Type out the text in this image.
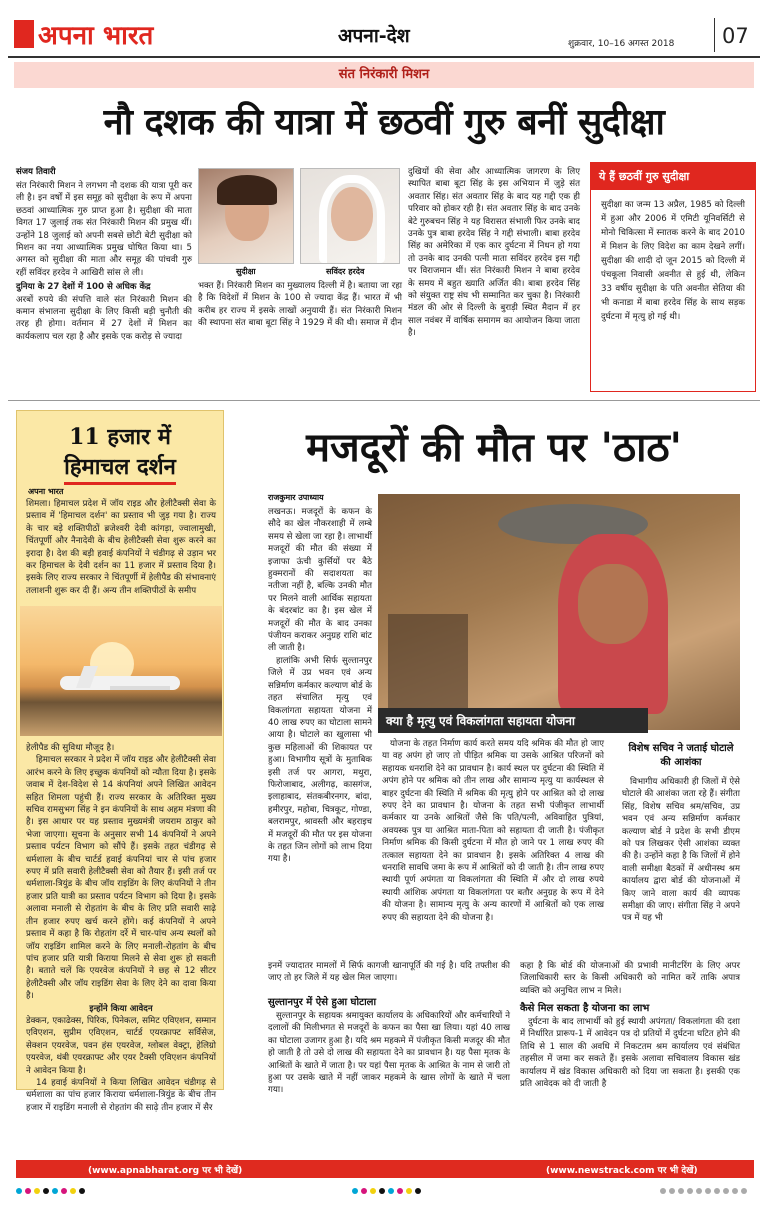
अपना भारत	अपना-देश	शुक्रवार, 10–16 अगस्त 2018 07
संत निरंकारी मिशन
नौ दशक की यात्रा में छठवीं गुरु बनीं सुदीक्षा
संजय तिवारी

संत निरंकारी मिशन ने लगभग नौ दशक की यात्रा पूरी कर ली है। इन वर्षों में इस समूह को सुदीक्षा के रूप में अपना छठवां आध्यात्मिक गुरु प्राप्त हुआ है। सुदीक्षा की माता विगत 17 जुलाई तक संत निरंकारी मिशन की प्रमुख थीं। उन्होंने 18 जुलाई को अपनी सबसे छोटी बेटी सुदीक्षा को मिशन का नया आध्यात्मिक प्रमुख घोषित किया था। 5 अगस्त को सुदीक्षा की माता और समूह की पांचवी गुरु रहीं सविंदर हरदेव ने आखिरी सांस ले ली।

दुनिया के 27 देशों में 100 से अधिक केंद्र

अरबों रुपये की संपत्ति वाले संत निरंकारी मिशन की कमान संभालना सुदीक्षा के लिए किसी बड़ी चुनौती की तरह ही होगा। वर्तमान में 27 देशों में मिशन का कार्यकलाप चल रहा है और इसके एक करोड़ से ज्यादा

सुदीक्षा	सविंदर हरदेव

भक्त हैं। निरंकारी मिशन का मुख्यालय दिल्ली में है। बताया जा रहा है कि विदेशों में मिशन के 100 से ज्यादा केंद्र हैं। भारत में भी करीब हर राज्य में इसके लाखों अनुयायी हैं। संत निरंकारी मिशन की स्थापना संत बाबा बूटा सिंह ने 1929 में की थी। समाज में दीन

दुखियों की सेवा और आध्यात्मिक जागरण के लिए स्थापित बाबा बूटा सिंह के इस अभियान में जुड़े संत अवतार सिंह। संत अवतार सिंह के बाद यह गद्दी एक ही परिवार को होकर रही है। संत अवतार सिंह के बाद उनके बेटे गुरुबचन सिंह ने यह विरासत संभाली फिर उनके बाद उनके पुत्र बाबा हरदेव सिंह ने गद्दी संभाली। बाबा हरदेव सिंह का अमेरिका में एक कार दुर्घटना में निधन हो गया तो उनके बाद उनकी पत्नी माता सविंदर हरदेव इस गद्दी पर विराजमान थीं। संत निरंकारी मिशन ने बाबा हरदेव के समय में बहुत ख्याति अर्जित की। बाबा हरदेव सिंह को संयुक्त राष्ट्र संघ भी सम्मानित कर चुका है। निरंकारी मंडल की ओर से दिल्ली के बुराड़ी स्थित मैदान में हर साल नवंबर में वार्षिक समागम का आयोजन किया जाता है।

ये हैं छठवीं गुरु सुदीक्षा

सुदीक्षा का जन्म 13 अप्रैल, 1985 को दिल्ली में हुआ और 2006 में एमिटी यूनिवर्सिटी से मोनो चिकित्सा में स्नातक करने के बाद 2010 में मिशन के लिए विदेश का काम देखने लगीं। सुदीक्षा की शादी दो जून 2015 को दिल्ली में पंचकूला निवासी अवनीत से हुई थी, लेकिन 33 वर्षीय सुदीक्षा के पति अवनीत सेतिया की भी कनाडा में बाबा हरदेव सिंह के साथ सड़क दुर्घटना में मृत्यु हो गई थी।

11 हजार में
हिमाचल दर्शन
अपना भारत

शिमला। हिमाचल प्रदेश में जॉय राइड और हेलीटैक्सी सेवा के प्रस्ताव में 'हिमाचल दर्शन' का प्रस्ताव भी जुड़ गया है। राज्य के चार बड़े शक्तिपीठों ब्रजेश्वरी देवी कांगड़ा, ज्वालामुखी, चिंतपूर्णी और नैनादेवी के बीच हेलीटैक्सी सेवा शुरू करने का इरादा है। देश की बड़ी हवाई कंपनियों ने चंडीगढ़ से उड़ान भर कर हिमाचल के देवी दर्शन का 11 हजार में प्रस्ताव दिया है। इसके लिए राज्य सरकार ने चिंतपूर्णी में हेलीपैड की संभावनाएं तलाशनी शुरू कर दी हैं। अन्य तीन शक्तिपीठों के समीप

हेलीपैड की सुविधा मौजूद है।

हिमाचल सरकार ने प्रदेश में जॉय राइड और हेलीटैक्सी सेवा आरंभ करने के लिए इच्छुक कंपनियों को न्यौता दिया है। इसके जवाब में देश-विदेश से 14 कंपनियां अपने लिखित आवेदन सहित शिमला पहुंची हैं। राज्य सरकार के अतिरिक्त मुख्य सचिव रामसुभग सिंह ने इन कंपनियों के साथ अहम मंत्रणा की है। इस आधार पर यह प्रस्ताव मुख्यमंत्री जयराम ठाकुर को भेजा जाएगा। सूचना के अनुसार सभी 14 कंपनियों ने अपने प्रस्ताव पर्यटन विभाग को सौंपे हैं। इसके तहत चंडीगढ़ से धर्मशाला के बीच चार्टर्ड हवाई कंपनियां चार से पांच हजार रुपए में प्रति सवारी हेलीटैक्सी सेवा को तैयार हैं। इसी तर्ज पर धर्मशाला-त्रियुंड के बीच जॉय राइडिंग के लिए कंपनियों ने तीन हजार प्रति यात्री का प्रस्ताव पर्यटन विभाग को दिया है। इसके अलावा मनाली से रोहतांग के बीच के लिए प्रति सवारी साढ़े तीन हजार रुपए खर्च करने होंगे। कई कंपनियों ने अपने प्रस्ताव में कहा है कि रोहतांग दर्रे में चार-पांच अन्य स्थलों को जॉय राइडिंग शामिल करने के लिए मनाली-रोहतांग के बीच पांच हजार प्रति यात्री किराया मिलने से सेवा शुरू हो सकती है। बताते चलें कि एयरवेज कंपनियों ने छह से 12 सीटर हेलीटैक्सी और जॉय राइडिंग सेवा के लिए देने का दावा किया है।

इन्होंने किया आवेदन

डेक्कन, एकाढेक्स, पिरिक, पिनेकल, समिट एविएशन, सम्मान एविएशन, सुप्रीम एविएशन, चार्टर्ड एयरक्राफ्ट सर्विसेज, सेक्शन एयरवेज, पवन हंस एयरवेज, ग्लोबल वेक्ट्रा, हेलिग्रो एयरवेज, थंबी एयरक्राफ्ट और एयर टैक्सी एविएशन कंपनियों ने आवेदन किया है।

14 हवाई कंपनियों ने किया लिखित आवेदन चंडीगढ़ से धर्मशाला का पांच हजार किराया धर्मशाला-त्रियुंड के बीच तीन हजार में राइडिंग मनाली से रोहतांग की साढ़े तीन हजार में सैर

मजदूरों की मौत पर 'ठाठ'
राजकुमार उपाध्याय

लखनऊ। मजदूरों के कफन के सौदे का खेल नौकरशाही में लम्बे समय से खेला जा रहा है। लाभार्थी मजदूरों की मौत की संख्या में इजाफा ऊंची कुर्सियों पर बैठे हुक्मरानों की सदाशयता का नतीजा नहीं है, बल्कि उनकी मौत पर मिलने वाली आर्थिक सहायता के बंदरबांट का है। इस खेल में मजदूरों की मौत के बाद उनका पंजीयन कराकर अनुग्रह राशि बांट ली जाती है।

हालांकि अभी सिर्फ सुल्तानपुर जिले में उप्र भवन एवं अन्य सन्निर्माण कर्मकार कल्याण बोर्ड के तहत संचालित मृत्यु एवं विकलांगता सहायता योजना में 40 लाख रुपए का घोटाला सामने आया है। घोटाले का खुलासा भी कुछ महिलाओं की शिकायत पर हुआ। विभागीय सूत्रों के मुताबिक इसी तर्ज पर आगरा, मथुरा, फिरोजाबाद, अलीगढ़, कासगंज, इलाहाबाद, संतकबीरनगर, बांदा, हमीरपुर, महोबा, चित्रकूट, गोण्डा, बलरामपुर, श्रावस्ती और बहराइच में मजदूरों की मौत पर इस योजना के तहत जिन लोगों को लाभ दिया गया है।

क्या है मृत्यु एवं विकलांगता सहायता योजना

योजना के तहत निर्माण कार्य करते समय यदि श्रमिक की मौत हो जाए या वह अपंग हो जाए तो पीड़ित श्रमिक या उसके आश्रित परिजनों को सहायक धनराशि देने का प्रावधान है। कार्य स्थल पर दुर्घटना की स्थिति में अपंग होने पर श्रमिक को तीन लाख और सामान्य मृत्यु या कार्यस्थल से बाहर दुर्घटना की स्थिति में श्रमिक की मृत्यु होने पर आश्रित को दो लाख रुपए देने का प्रावधान है। योजना के तहत सभी पंजीकृत लाभार्थी कर्मकार या उनके आश्रितों जैसे कि पति/पत्नी, अविवाहित पुत्रियां, अवयस्क पुत्र या आश्रित माता-पिता को सहायता दी जाती है। पंजीकृत निर्माण श्रमिक की किसी दुर्घटना में मौत हो जाने पर 1 लाख रुपए की तत्काल सहायता देने का प्रावधान है। इसके अतिरिक्त 4 लाख की धनराशि सावधि जमा के रूप में आश्रितों को दी जाती है। तीन लाख रुपए स्थायी पूर्ण अपंगता या विकलांगता की स्थिति में और दो लाख रुपये स्थायी आंशिक अपंगता या विकलांगता पर बतौर अनुग्रह के रूप में देने की योजना है। सामान्य मृत्यु के अन्य कारणों में आश्रितों को एक लाख रुपए की सहायता देने की योजना है।

विशेष सचिव ने जताई घोटाले की आशंका

विभागीय अधिकारी ही जिलों में ऐसे घोटाले की आशंका जता रहे हैं। संगीता सिंह, विशेष सचिव श्रम/सचिव, उप्र भवन एवं अन्य सन्निर्माण कर्मकार कल्याण बोर्ड ने प्रदेश के सभी डीएम को पत्र लिखकर ऐसी आशंका व्यक्त की है। उन्होंने कहा है कि जिलों में होने वाली समीक्षा बैठकों में अधीनस्थ श्रम कार्यालय द्वारा बोर्ड की योजनाओं में किए जाने वाला कार्य की व्यापक समीक्षा की जाए। संगीता सिंह ने अपने पत्र में यह भी

इनमें ज्यादातर मामलों में सिर्फ कागजी खानापूर्ति की गई है। यदि तफ्तीश की जाए तो हर जिले में यह खेल मिल जाएगा।

सुल्तानपुर में ऐसे हुआ घोटाला

सुल्तानपुर के सहायक श्रमायुक्त कार्यालय के अधिकारियों और कर्मचारियों ने दलालों की मिलीभगत से मजदूरों के कफन का पैसा खा लिया। यहां 40 लाख का घोटाला उजागर हुआ है। यदि श्रम महकमे में पंजीकृत किसी मजदूर की मौत हो जाती है तो उसे दो लाख की सहायता देने का प्रावधान है। यह पैसा मृतक के आश्रितों के खाते में जाता है। पर यहां पैसा मृतक के आश्रित के नाम से जारी तो हुआ पर उसके खाते में नहीं जाकर महकमे के खास लोगों के खाते में चला गया।

कहा है कि बोर्ड की योजनाओं की प्रभावी मानीटरिंग के लिए अपर जिलाधिकारी स्तर के किसी अधिकारी को नामित करें ताकि अपात्र व्यक्ति को अनुचित लाभ न मिले।

कैसे मिल सकता है योजना का लाभ

दुर्घटना के बाद लाभार्थी को हुई स्थायी अपंगता/ विकलांगता की दशा में निर्धारित प्रारूप-1 में आवेदन पत्र दो प्रतियों में दुर्घटना घटित होने की तिथि से 1 साल की अवधि में निकटतम श्रम कार्यालय एवं संबंधित तहसील में जमा कर सकते हैं। इसके अलावा सचिवालय विकास खंड कार्यालय में खंड विकास अधिकारी को दिया जा सकता है। इसकी एक प्रति आवेदक को दी जाती है

(www.apnabharat.org पर भी देखें)	(www.newstrack.com पर भी देखें)
